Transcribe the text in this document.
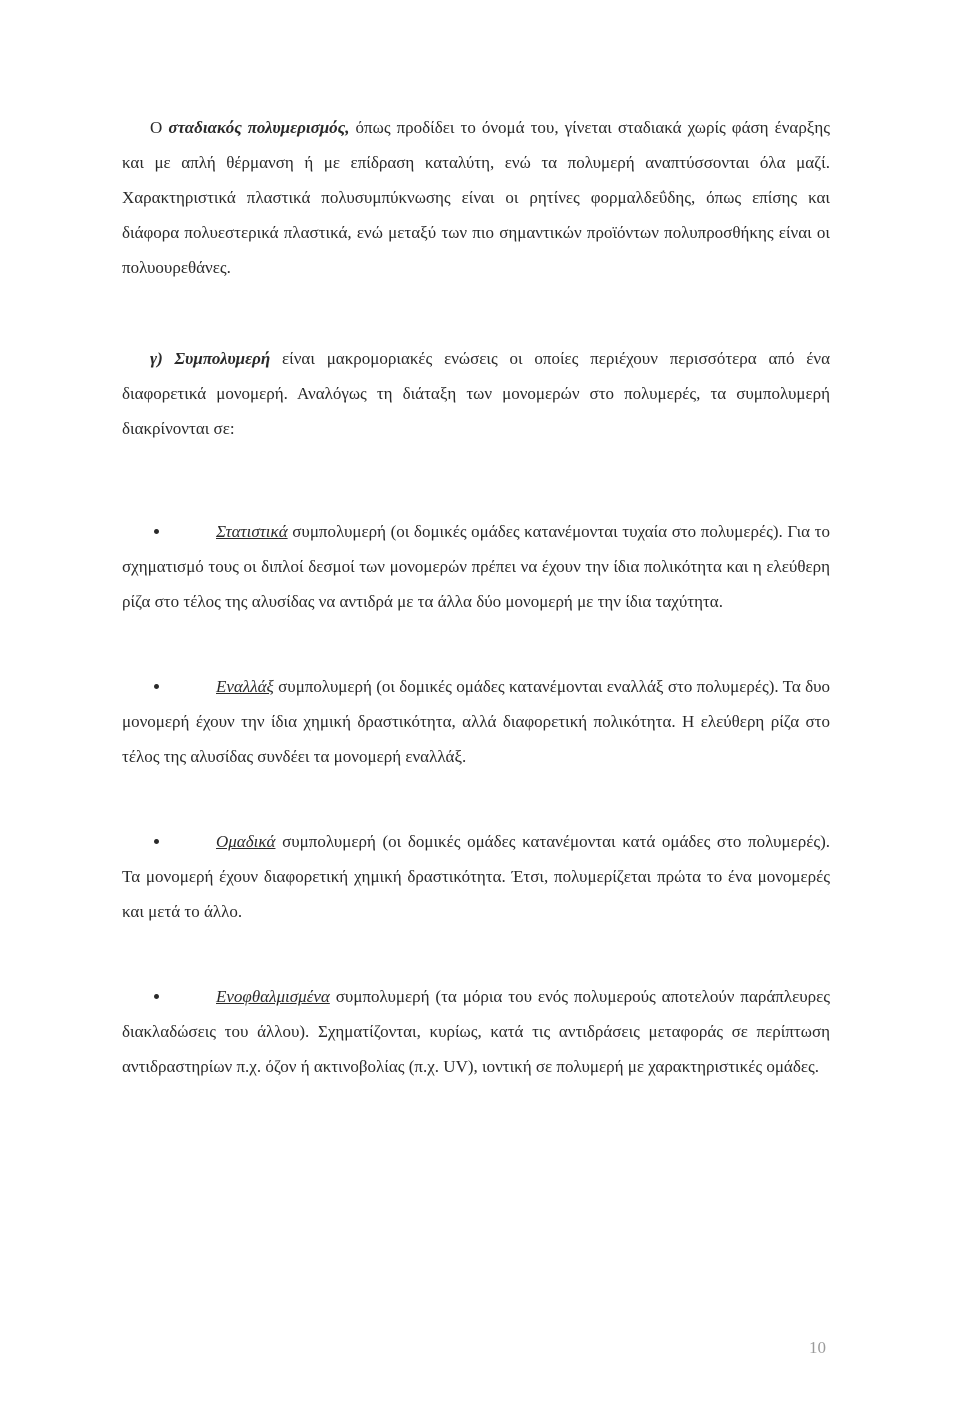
Ο σταδιακός πολυμερισμός, όπως προδίδει το όνομά του, γίνεται σταδιακά χωρίς φάση έναρξης και με απλή θέρμανση ή με επίδραση καταλύτη, ενώ τα πολυμερή αναπτύσσονται όλα μαζί. Χαρακτηριστικά πλαστικά πολυσυμπύκνωσης είναι οι ρητίνες φορμαλδεΰδης, όπως επίσης και διάφορα πολυεστερικά πλαστικά, ενώ μεταξύ των πιο σημαντικών προϊόντων πολυπροσθήκης είναι οι πολυουρεθάνες.

γ) Συμπολυμερή είναι μακρομοριακές ενώσεις οι οποίες περιέχουν περισσότερα από ένα διαφορετικά μονομερή. Αναλόγως τη διάταξη των μονομερών στο πολυμερές, τα συμπολυμερή διακρίνονται σε:

Στατιστικά συμπολυμερή (οι δομικές ομάδες κατανέμονται τυχαία στο πολυμερές). Για το σχηματισμό τους οι διπλοί δεσμοί των μονομερών πρέπει να έχουν την ίδια πολικότητα και η ελεύθερη ρίζα στο τέλος της αλυσίδας να αντιδρά με τα άλλα δύο μονομερή με την ίδια ταχύτητα.

Εναλλάξ συμπολυμερή (οι δομικές ομάδες κατανέμονται εναλλάξ στο πολυμερές). Τα δυο μονομερή έχουν την ίδια χημική δραστικότητα, αλλά διαφορετική πολικότητα. Η ελεύθερη ρίζα στο τέλος της αλυσίδας συνδέει τα μονομερή εναλλάξ.

Ομαδικά συμπολυμερή (οι δομικές ομάδες κατανέμονται κατά ομάδες στο πολυμερές). Τα μονομερή έχουν διαφορετική χημική δραστικότητα. Έτσι, πολυμερίζεται πρώτα το ένα μονομερές και μετά το άλλο.

Ενοφθαλμισμένα συμπολυμερή (τα μόρια του ενός πολυμερούς αποτελούν παράπλευρες διακλαδώσεις του άλλου). Σχηματίζονται, κυρίως, κατά τις αντιδράσεις μεταφοράς σε περίπτωση αντιδραστηρίων π.χ. όζον ή ακτινοβολίας (π.χ. UV), ιοντική σε πολυμερή με χαρακτηριστικές ομάδες.

10
